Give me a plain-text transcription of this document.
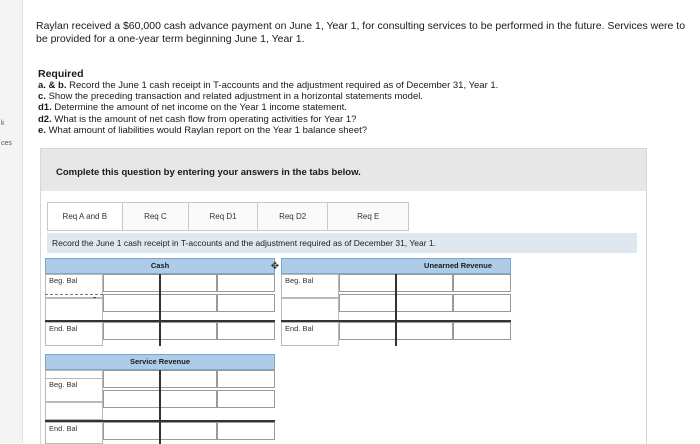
k
ces

Raylan received a $60,000 cash advance payment on June 1, Year 1, for consulting services to be performed in the future. Services were to be provided for a one-year term beginning June 1, Year 1.

Required
a. & b. Record the June 1 cash receipt in T-accounts and the adjustment required as of December 31, Year 1.
c. Show the preceding transaction and related adjustment in a horizontal statements model.
d1. Determine the amount of net income on the Year 1 income statement.
d2. What is the amount of net cash flow from operating activities for Year 1?
e. What amount of liabilities would Raylan report on the Year 1 balance sheet?
Complete this question by entering your answers in the tabs below.
Req A and B	Req C	Req D1	Req D2	Req E
Record the June 1 cash receipt in T-accounts and the adjustment required as of December 31, Year 1.
Cash
Beg. Bal
End. Bal
✥	Unearned Revenue
Beg. Bal
End. Bal
Service Revenue
Beg. Bal
End. Bal
